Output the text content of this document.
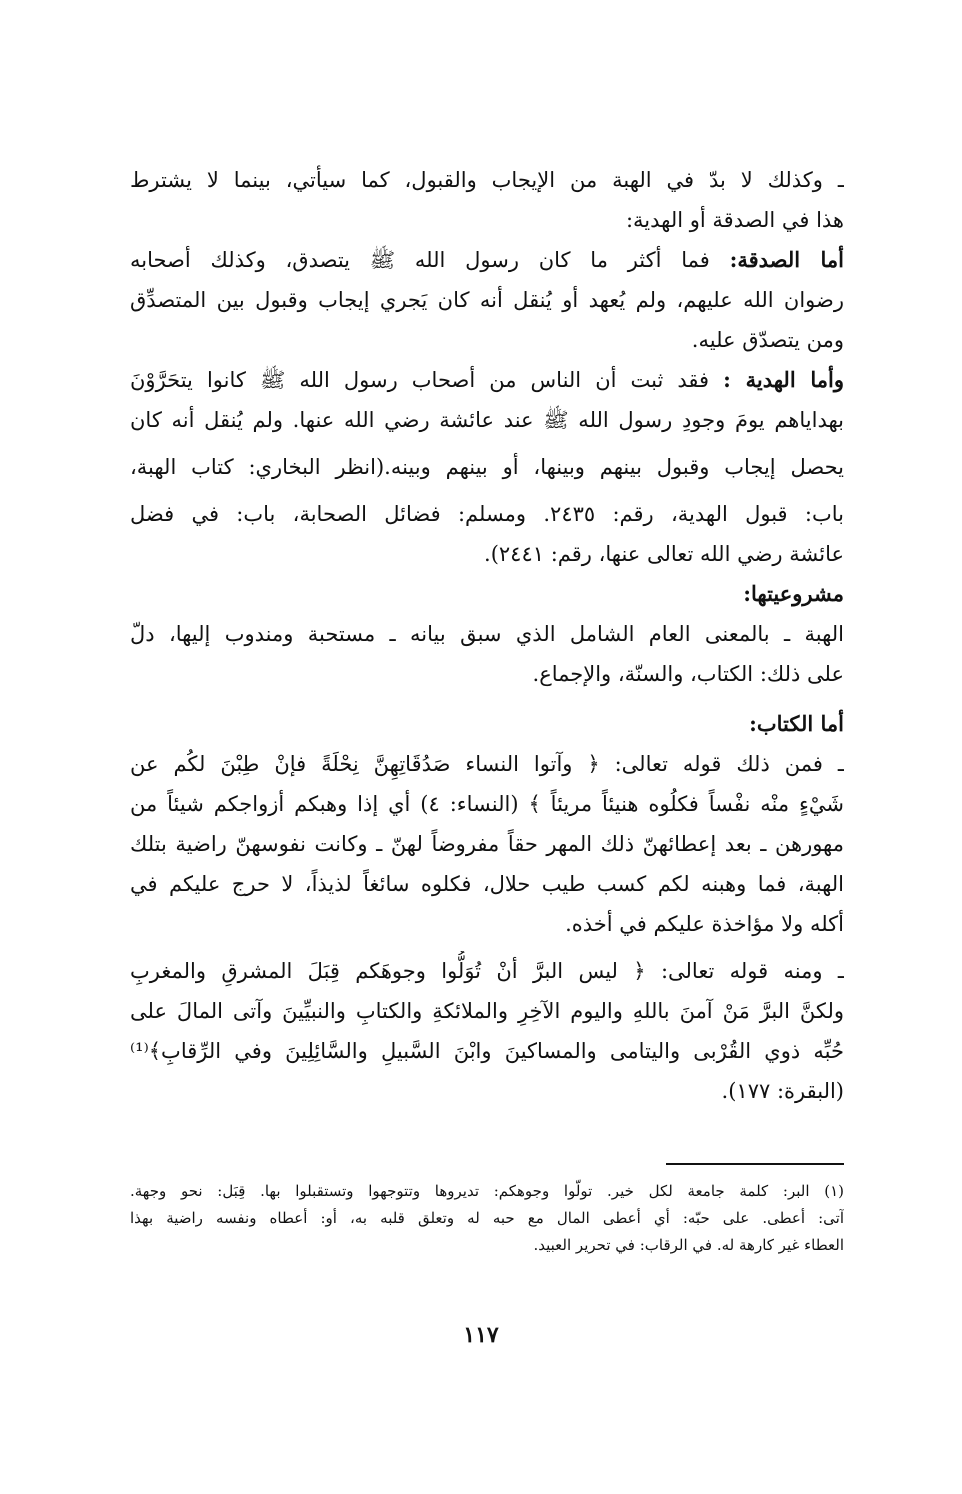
ـ وكذلك لا بدّ في الهبة من الإيجاب والقبول، كما سيأتي، بينما لا يشترط

هذا في الصدقة أو الهدية:

أما الصدقة: فما أكثر ما كان رسول الله ﷺ يتصدق، وكذلك أصحابه

رضوان الله عليهم، ولم يُعهد أو يُنقل أنه كان يَجري إيجاب وقبول بين المتصدِّق

ومن يتصدّق عليه.

وأما الهدية : فقد ثبت أن الناس من أصحاب رسول الله ﷺ كانوا يتحَرَّوْنَ

بهداياهم يومَ وجودِ رسول الله ﷺ عند عائشة رضي الله عنها. ولم يُنقل أنه كان

يحصل إيجاب وقبول بينهم وبينها، أو بينهم وبينه.(انظر البخاري: كتاب الهبة،

باب: قبول الهدية، رقم: ٢٤٣٥. ومسلم: فضائل الصحابة، باب: في فضل

عائشة رضي الله تعالى عنها، رقم: ٢٤٤١).

مشروعيتها:

الهبة ـ بالمعنى العام الشامل الذي سبق بيانه ـ مستحبة ومندوب إليها، دلّ

على ذلك: الكتاب، والسنّة، والإجماع.

أما الكتاب:

ـ فمن ذلك قوله تعالى: ﴿ وآتوا النساء صَدُقَاتِهِنَّ نِحْلَةً فإنْ طِبْنَ لكُم عن

شَيْءٍ منْه نفْساً فكلُوه هنيئاً مريئاً ﴾ (النساء: ٤) أي إذا وهبكم أزواجكم شيئاً من

مهورهن ـ بعد إعطائهنّ ذلك المهر حقاً مفروضاً لهنّ ـ وكانت نفوسهنّ راضية بتلك

الهبة، فما وهبنه لكم كسب طيب حلال، فكلوه سائغاً لذيذاً، لا حرج عليكم في

أكله ولا مؤاخذة عليكم في أخذه.

ـ ومنه قوله تعالى: ﴿ ليس البرَّ أنْ تُوَلُّوا وجوهَكم قِبَلَ المشرقِ والمغربِ

ولكنَّ البرَّ مَنْ آمنَ باللهِ واليوم الآخِرِ والملائكةِ والكتابِ والنبيِّينَ وآتى المالَ على

حُبِّه ذوي القُرْبى واليتامى والمساكينَ وابْنَ السَّبيلِ والسَّائِلِينَ وفي الرِّقابِ﴾⁽¹⁾

(البقرة: ١٧٧).

(١) البر: كلمة جامعة لكل خير. تولّوا وجوهكم: تديروها وتتوجهوا وتستقبلوا بها. قِبَل: نحو وجهة.

آتى: أعطى. على حبّه: أي أعطى المال مع حبه له وتعلق قلبه به، أو: أعطاه ونفسه راضية بهذا

العطاء غير كارهة له. في الرقاب: في تحرير العبيد.

١١٧
